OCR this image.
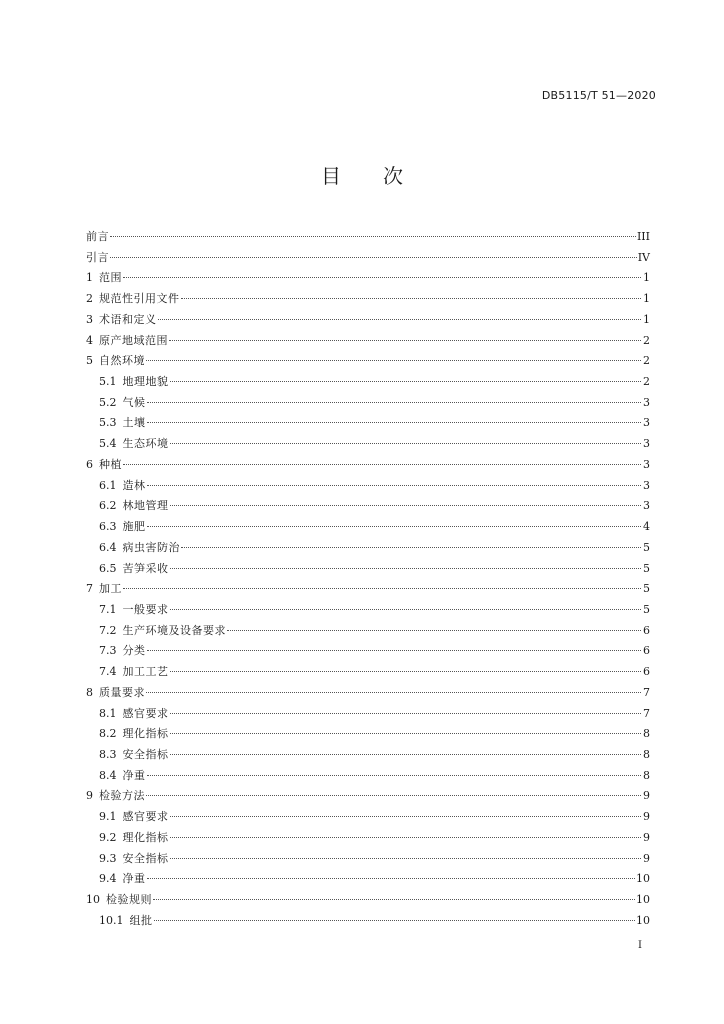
DB5115/T 51—2020
目 次
前言	III
引言	IV
1 范围	1
2 规范性引用文件	1
3 术语和定义	1
4 原产地域范围	2
5 自然环境	2
5.1 地理地貌	2
5.2 气候	3
5.3 土壤	3
5.4 生态环境	3
6 种植	3
6.1 造林	3
6.2 林地管理	3
6.3 施肥	4
6.4 病虫害防治	5
6.5 苦笋采收	5
7 加工	5
7.1 一般要求	5
7.2 生产环境及设备要求	6
7.3 分类	6
7.4 加工工艺	6
8 质量要求	7
8.1 感官要求	7
8.2 理化指标	8
8.3 安全指标	8
8.4 净重	8
9 检验方法	9
9.1 感官要求	9
9.2 理化指标	9
9.3 安全指标	9
9.4 净重	10
10 检验规则	10
10.1 组批	10
I
